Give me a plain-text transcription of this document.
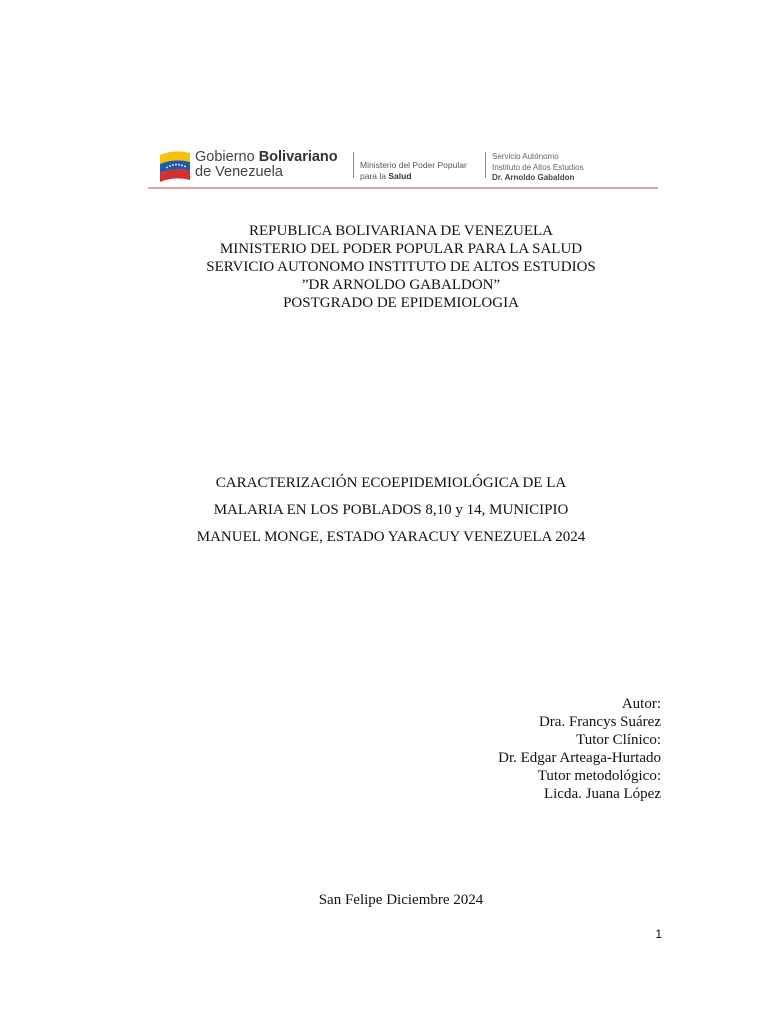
Gobierno Bolivariano
de Venezuela	Ministerio del Poder Popular
para la Salud
Servicio Autónomo
Instituto de Altos Estudios
Dr. Arnoldo Gabaldon
REPUBLICA BOLIVARIANA DE VENEZUELA
MINISTERIO DEL PODER POPULAR PARA LA SALUD
SERVICIO AUTONOMO INSTITUTO DE ALTOS ESTUDIOS
”DR ARNOLDO GABALDON”
POSTGRADO DE EPIDEMIOLOGIA
CARACTERIZACIÓN ECOEPIDEMIOLÓGICA DE LA
MALARIA EN LOS POBLADOS 8,10 y 14, MUNICIPIO
MANUEL MONGE, ESTADO YARACUY VENEZUELA 2024
Autor:
Dra. Francys Suárez
Tutor Clínico:
Dr. Edgar Arteaga-Hurtado
Tutor metodológico:
Licda. Juana López
San Felipe Diciembre 2024
1
